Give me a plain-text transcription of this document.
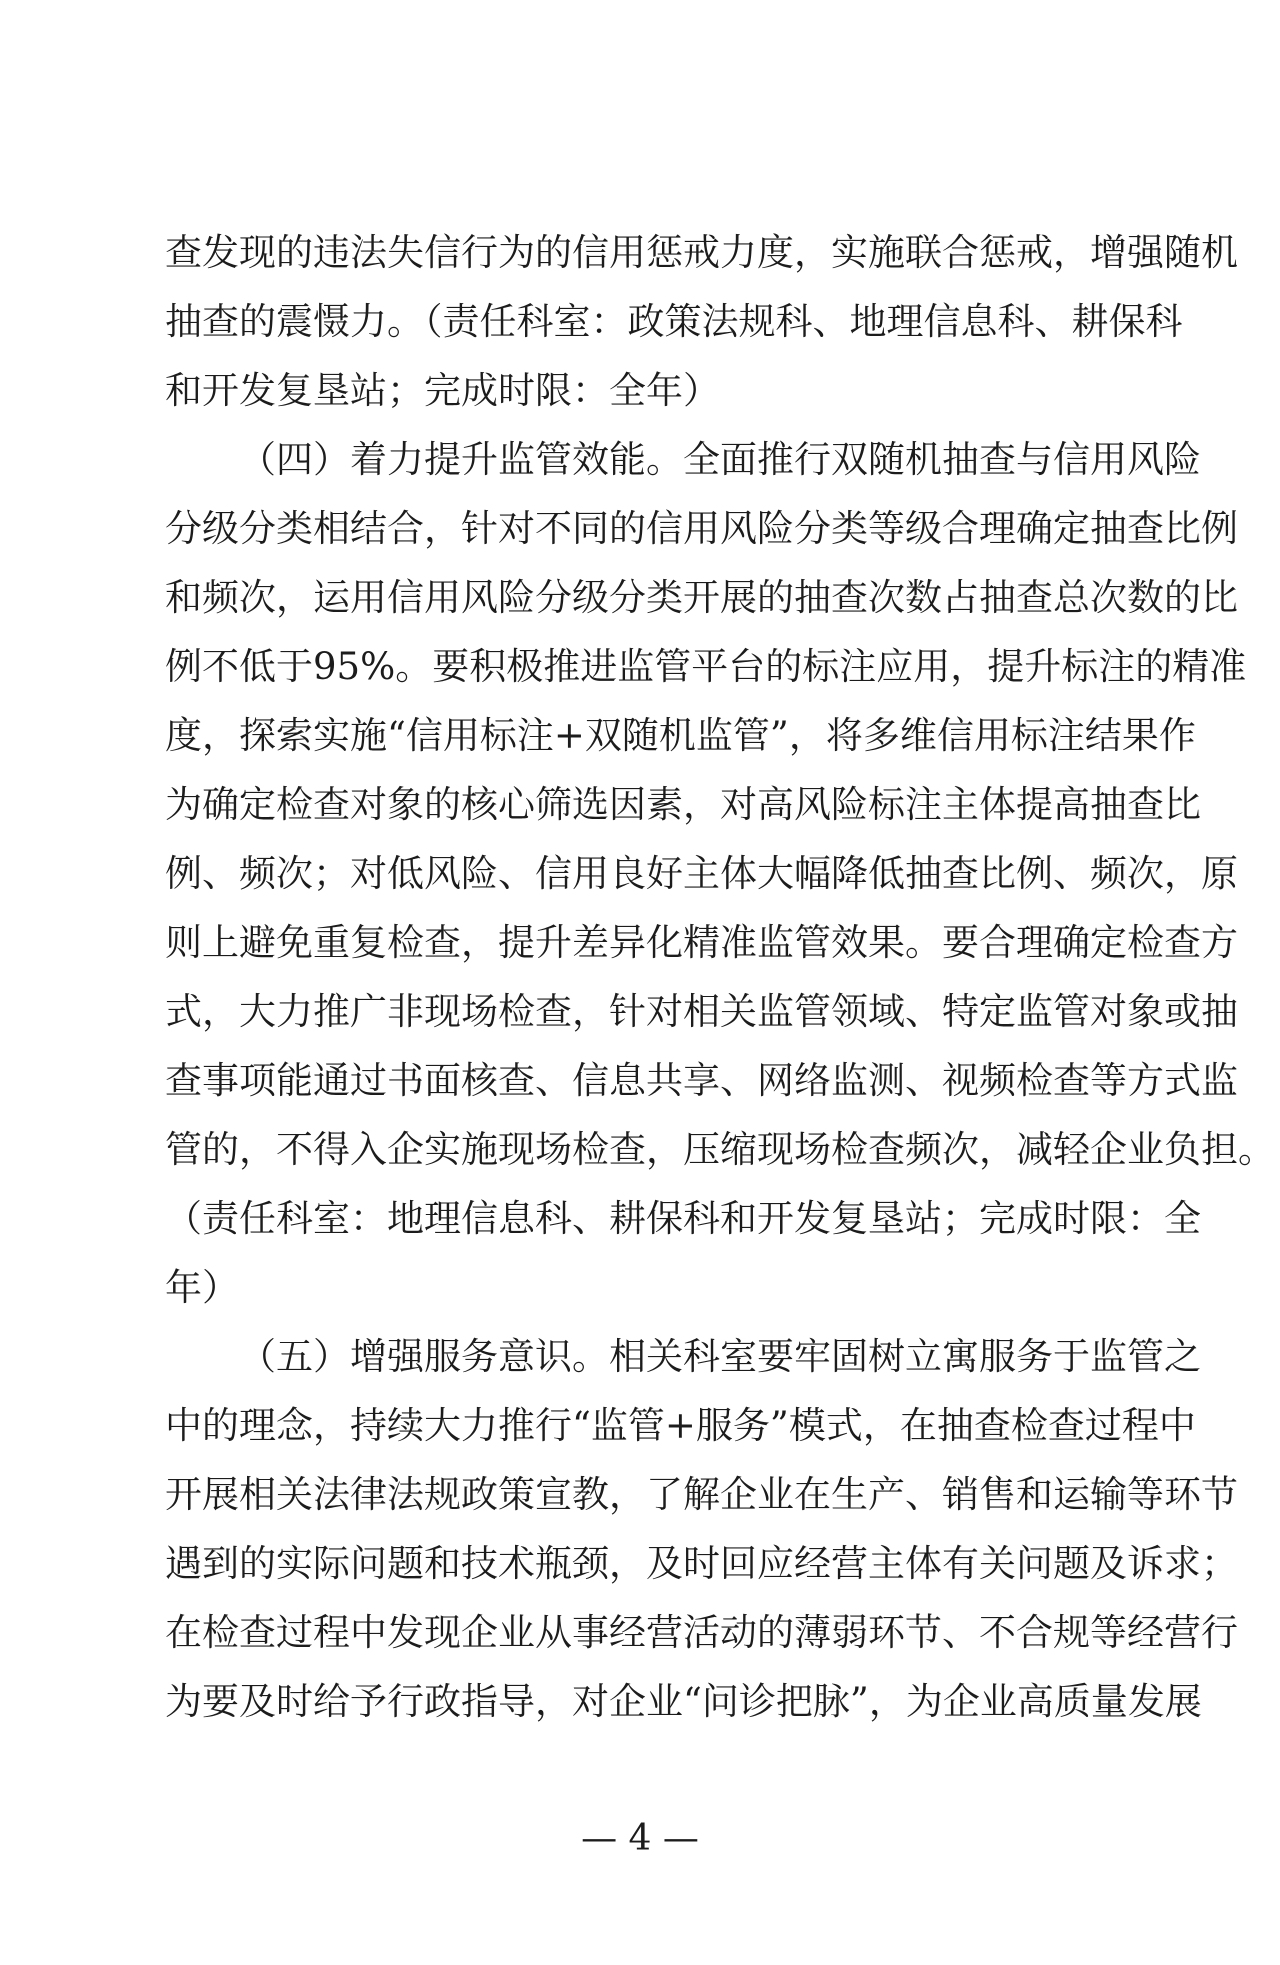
查发现的违法失信行为的信用惩戒力度，实施联合惩戒，增强随机
抽查的震慑力。（责任科室：政策法规科、地理信息科、耕保科
和开发复垦站；完成时限：全年）
（四）着力提升监管效能。全面推行双随机抽查与信用风险
分级分类相结合，针对不同的信用风险分类等级合理确定抽查比例
和频次，运用信用风险分级分类开展的抽查次数占抽查总次数的比
例不低于95%。要积极推进监管平台的标注应用，提升标注的精准
度，探索实施“信用标注+双随机监管”，将多维信用标注结果作
为确定检查对象的核心筛选因素，对高风险标注主体提高抽查比
例、频次；对低风险、信用良好主体大幅降低抽查比例、频次，原
则上避免重复检查，提升差异化精准监管效果。要合理确定检查方
式，大力推广非现场检查，针对相关监管领域、特定监管对象或抽
查事项能通过书面核查、信息共享、网络监测、视频检查等方式监
管的，不得入企实施现场检查，压缩现场检查频次，减轻企业负担。
（责任科室：地理信息科、耕保科和开发复垦站；完成时限：全
年）
（五）增强服务意识。相关科室要牢固树立寓服务于监管之
中的理念，持续大力推行“监管+服务”模式，在抽查检查过程中
开展相关法律法规政策宣教，了解企业在生产、销售和运输等环节
遇到的实际问题和技术瓶颈，及时回应经营主体有关问题及诉求；
在检查过程中发现企业从事经营活动的薄弱环节、不合规等经营行
为要及时给予行政指导，对企业“问诊把脉”，为企业高质量发展
— 4 —
